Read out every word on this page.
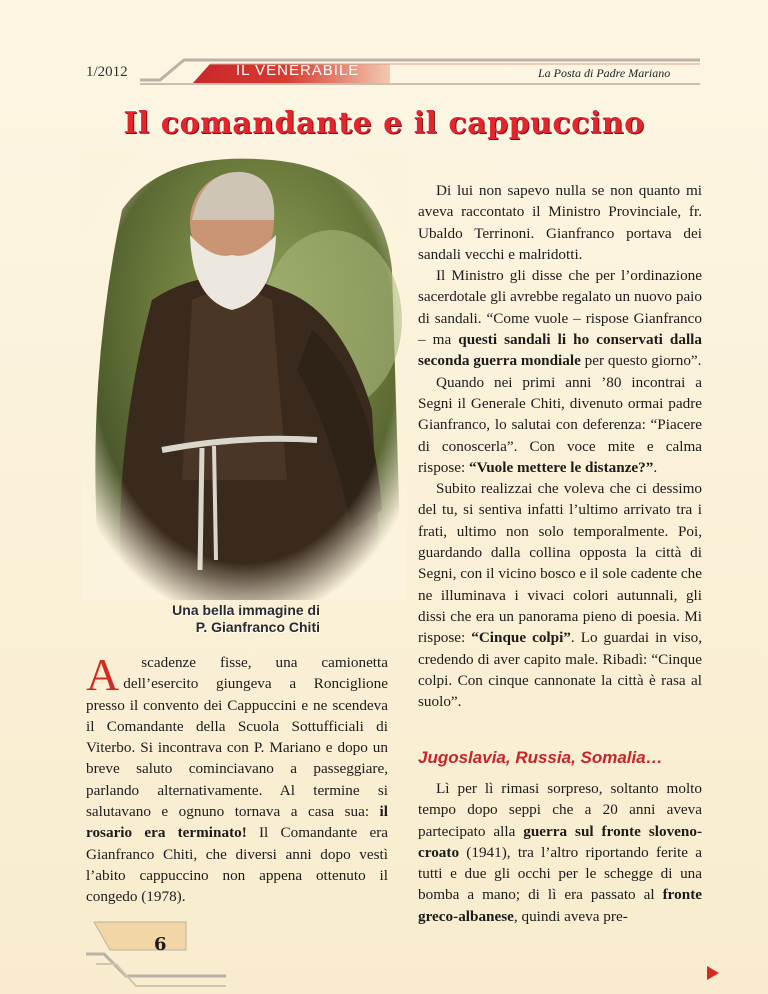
1/2012	IL VENERABILE	La Posta di Padre Mariano
Il comandante e il cappuccino
Una bella immagine di
P. Gianfranco Chiti

A scadenze fisse, una camionetta dell’esercito giungeva a Ronciglione presso il convento dei Cappuccini e ne scendeva il Comandante della Scuola Sottufficiali di Viterbo. Si incontrava con P. Mariano e dopo un breve saluto cominciavano a passeggiare, parlando alternativamente. Al termine si salutavano e ognuno tornava a casa sua: il rosario era terminato! Il Comandante era Gianfranco Chiti, che diversi anni dopo vestì l’abito cappuccino non appena ottenuto il congedo (1978).

Di lui non sapevo nulla se non quanto mi aveva raccontato il Ministro Provinciale, fr. Ubaldo Terrinoni. Gianfranco portava dei sandali vecchi e malridotti.

Il Ministro gli disse che per l’ordinazione sacerdotale gli avrebbe regalato un nuovo paio di sandali. “Come vuole – rispose Gianfranco – ma questi sandali li ho conservati dalla seconda guerra mondiale per questo giorno”.

Quando nei primi anni ’80 incontrai a Segni il Generale Chiti, divenuto ormai padre Gianfranco, lo salutai con deferenza: “Piacere di conoscerla”. Con voce mite e calma rispose: “Vuole mettere le distanze?”.

Subito realizzai che voleva che ci dessimo del tu, si sentiva infatti l’ultimo arrivato tra i frati, ultimo non solo temporalmente. Poi, guardando dalla collina opposta la città di Segni, con il vicino bosco e il sole cadente che ne illuminava i vivaci colori autunnali, gli dissi che era un panorama pieno di poesia. Mi rispose: “Cinque colpi”. Lo guardai in viso, credendo di aver capito male. Ribadì: “Cinque colpi. Con cinque cannonate la città è rasa al suolo”.

Jugoslavia, Russia, Somalia…

Lì per lì rimasi sorpreso, soltanto molto tempo dopo seppi che a 20 anni aveva partecipato alla guerra sul fronte sloveno-croato (1941), tra l’altro riportando ferite a tutti e due gli occhi per le schegge di una bomba a mano; di lì era passato al fronte greco-albanese, quindi aveva pre-

6
